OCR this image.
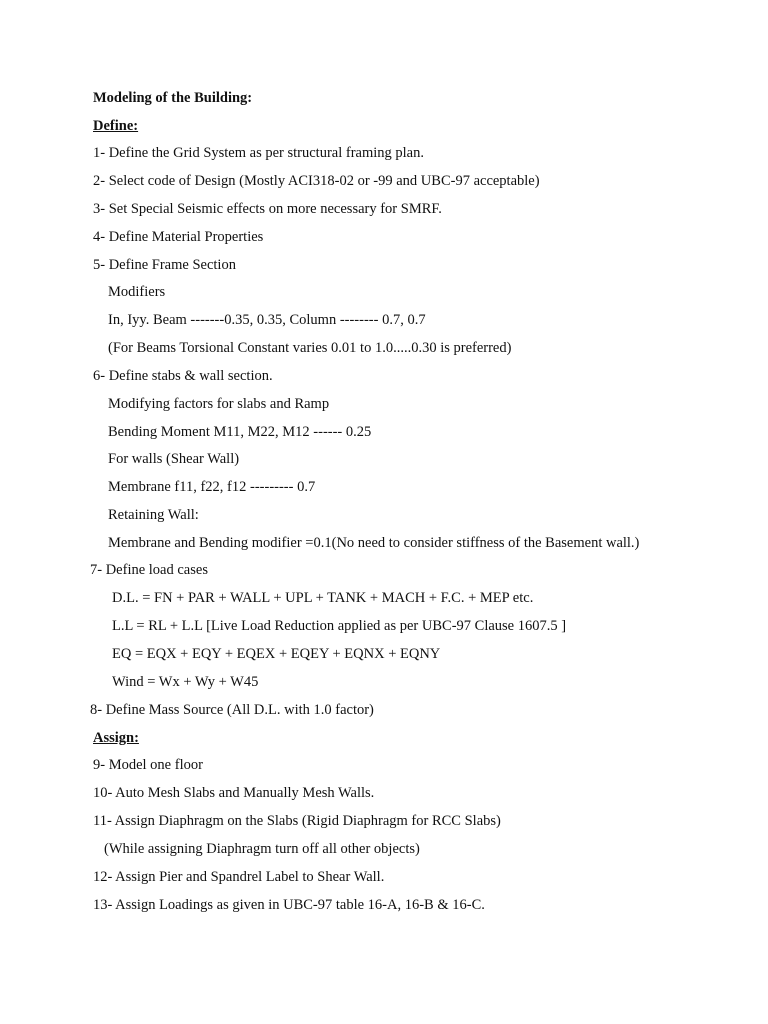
Modeling of the Building:
Define:
1- Define the Grid System as per structural framing plan.
2- Select code of Design (Mostly ACI318-02 or -99 and UBC-97 acceptable)
3- Set Special Seismic effects on more necessary for SMRF.
4- Define Material Properties
5- Define Frame Section
Modifiers
In, Iyy. Beam -------0.35, 0.35, Column -------- 0.7, 0.7
(For Beams Torsional Constant varies 0.01 to 1.0.....0.30 is preferred)
6- Define stabs & wall section.
Modifying factors for slabs and Ramp
Bending Moment M11, M22, M12 ------ 0.25
For walls (Shear Wall)
Membrane f11, f22, f12 --------- 0.7
Retaining Wall:
Membrane and Bending modifier =0.1(No need to consider stiffness of the Basement wall.)
7- Define load cases
D.L. = FN + PAR + WALL + UPL + TANK + MACH + F.C. + MEP etc.
L.L = RL + L.L [Live Load Reduction applied as per UBC-97 Clause 1607.5 ]
EQ = EQX + EQY + EQEX + EQEY + EQNX + EQNY
Wind = Wx + Wy + W45
8- Define Mass Source (All D.L. with 1.0 factor)
Assign:
9- Model one floor
10- Auto Mesh Slabs and Manually Mesh Walls.
11- Assign Diaphragm on the Slabs (Rigid Diaphragm for RCC Slabs)
(While assigning Diaphragm turn off all other objects)
12- Assign Pier and Spandrel Label to Shear Wall.
13- Assign Loadings as given in UBC-97 table 16-A, 16-B & 16-C.
